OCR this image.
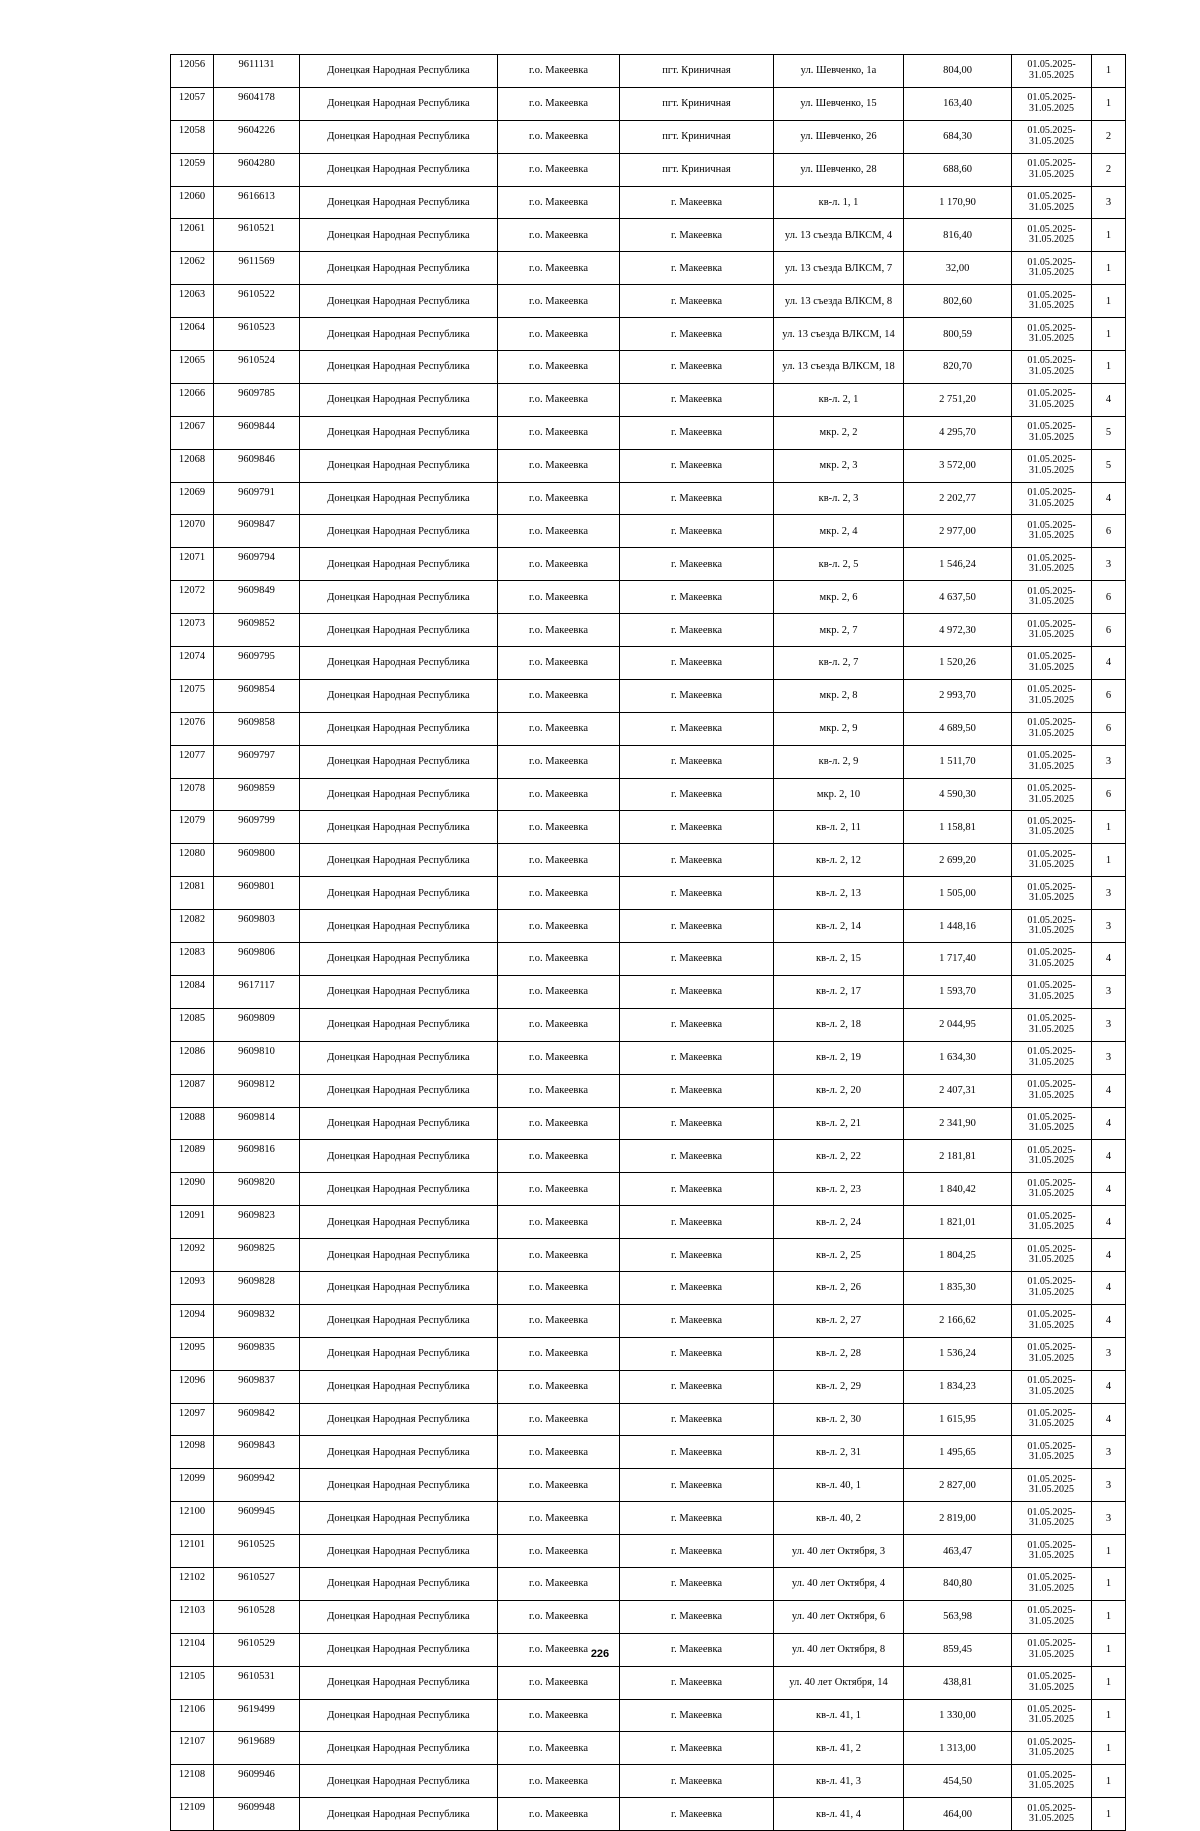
12056	9611131	Донецкая Народная Республика	г.о. Макеевка	пгт. Криничная	ул. Шевченко, 1а	804,00	01.05.2025-31.05.2025	1
12057	9604178	Донецкая Народная Республика	г.о. Макеевка	пгт. Криничная	ул. Шевченко, 15	163,40	01.05.2025-31.05.2025	1
12058	9604226	Донецкая Народная Республика	г.о. Макеевка	пгт. Криничная	ул. Шевченко, 26	684,30	01.05.2025-31.05.2025	2
12059	9604280	Донецкая Народная Республика	г.о. Макеевка	пгт. Криничная	ул. Шевченко, 28	688,60	01.05.2025-31.05.2025	2
12060	9616613	Донецкая Народная Республика	г.о. Макеевка	г. Макеевка	кв-л. 1, 1	1 170,90	01.05.2025-31.05.2025	3
12061	9610521	Донецкая Народная Республика	г.о. Макеевка	г. Макеевка	ул. 13 съезда ВЛКСМ, 4	816,40	01.05.2025-31.05.2025	1
12062	9611569	Донецкая Народная Республика	г.о. Макеевка	г. Макеевка	ул. 13 съезда ВЛКСМ, 7	32,00	01.05.2025-31.05.2025	1
12063	9610522	Донецкая Народная Республика	г.о. Макеевка	г. Макеевка	ул. 13 съезда ВЛКСМ, 8	802,60	01.05.2025-31.05.2025	1
12064	9610523	Донецкая Народная Республика	г.о. Макеевка	г. Макеевка	ул. 13 съезда ВЛКСМ, 14	800,59	01.05.2025-31.05.2025	1
12065	9610524	Донецкая Народная Республика	г.о. Макеевка	г. Макеевка	ул. 13 съезда ВЛКСМ, 18	820,70	01.05.2025-31.05.2025	1
12066	9609785	Донецкая Народная Республика	г.о. Макеевка	г. Макеевка	кв-л. 2, 1	2 751,20	01.05.2025-31.05.2025	4
12067	9609844	Донецкая Народная Республика	г.о. Макеевка	г. Макеевка	мкр. 2, 2	4 295,70	01.05.2025-31.05.2025	5
12068	9609846	Донецкая Народная Республика	г.о. Макеевка	г. Макеевка	мкр. 2, 3	3 572,00	01.05.2025-31.05.2025	5
12069	9609791	Донецкая Народная Республика	г.о. Макеевка	г. Макеевка	кв-л. 2, 3	2 202,77	01.05.2025-31.05.2025	4
12070	9609847	Донецкая Народная Республика	г.о. Макеевка	г. Макеевка	мкр. 2, 4	2 977,00	01.05.2025-31.05.2025	6
12071	9609794	Донецкая Народная Республика	г.о. Макеевка	г. Макеевка	кв-л. 2, 5	1 546,24	01.05.2025-31.05.2025	3
12072	9609849	Донецкая Народная Республика	г.о. Макеевка	г. Макеевка	мкр. 2, 6	4 637,50	01.05.2025-31.05.2025	6
12073	9609852	Донецкая Народная Республика	г.о. Макеевка	г. Макеевка	мкр. 2, 7	4 972,30	01.05.2025-31.05.2025	6
12074	9609795	Донецкая Народная Республика	г.о. Макеевка	г. Макеевка	кв-л. 2, 7	1 520,26	01.05.2025-31.05.2025	4
12075	9609854	Донецкая Народная Республика	г.о. Макеевка	г. Макеевка	мкр. 2, 8	2 993,70	01.05.2025-31.05.2025	6
12076	9609858	Донецкая Народная Республика	г.о. Макеевка	г. Макеевка	мкр. 2, 9	4 689,50	01.05.2025-31.05.2025	6
12077	9609797	Донецкая Народная Республика	г.о. Макеевка	г. Макеевка	кв-л. 2, 9	1 511,70	01.05.2025-31.05.2025	3
12078	9609859	Донецкая Народная Республика	г.о. Макеевка	г. Макеевка	мкр. 2, 10	4 590,30	01.05.2025-31.05.2025	6
12079	9609799	Донецкая Народная Республика	г.о. Макеевка	г. Макеевка	кв-л. 2, 11	1 158,81	01.05.2025-31.05.2025	1
12080	9609800	Донецкая Народная Республика	г.о. Макеевка	г. Макеевка	кв-л. 2, 12	2 699,20	01.05.2025-31.05.2025	1
12081	9609801	Донецкая Народная Республика	г.о. Макеевка	г. Макеевка	кв-л. 2, 13	1 505,00	01.05.2025-31.05.2025	3
12082	9609803	Донецкая Народная Республика	г.о. Макеевка	г. Макеевка	кв-л. 2, 14	1 448,16	01.05.2025-31.05.2025	3
12083	9609806	Донецкая Народная Республика	г.о. Макеевка	г. Макеевка	кв-л. 2, 15	1 717,40	01.05.2025-31.05.2025	4
12084	9617117	Донецкая Народная Республика	г.о. Макеевка	г. Макеевка	кв-л. 2, 17	1 593,70	01.05.2025-31.05.2025	3
12085	9609809	Донецкая Народная Республика	г.о. Макеевка	г. Макеевка	кв-л. 2, 18	2 044,95	01.05.2025-31.05.2025	3
12086	9609810	Донецкая Народная Республика	г.о. Макеевка	г. Макеевка	кв-л. 2, 19	1 634,30	01.05.2025-31.05.2025	3
12087	9609812	Донецкая Народная Республика	г.о. Макеевка	г. Макеевка	кв-л. 2, 20	2 407,31	01.05.2025-31.05.2025	4
12088	9609814	Донецкая Народная Республика	г.о. Макеевка	г. Макеевка	кв-л. 2, 21	2 341,90	01.05.2025-31.05.2025	4
12089	9609816	Донецкая Народная Республика	г.о. Макеевка	г. Макеевка	кв-л. 2, 22	2 181,81	01.05.2025-31.05.2025	4
12090	9609820	Донецкая Народная Республика	г.о. Макеевка	г. Макеевка	кв-л. 2, 23	1 840,42	01.05.2025-31.05.2025	4
12091	9609823	Донецкая Народная Республика	г.о. Макеевка	г. Макеевка	кв-л. 2, 24	1 821,01	01.05.2025-31.05.2025	4
12092	9609825	Донецкая Народная Республика	г.о. Макеевка	г. Макеевка	кв-л. 2, 25	1 804,25	01.05.2025-31.05.2025	4
12093	9609828	Донецкая Народная Республика	г.о. Макеевка	г. Макеевка	кв-л. 2, 26	1 835,30	01.05.2025-31.05.2025	4
12094	9609832	Донецкая Народная Республика	г.о. Макеевка	г. Макеевка	кв-л. 2, 27	2 166,62	01.05.2025-31.05.2025	4
12095	9609835	Донецкая Народная Республика	г.о. Макеевка	г. Макеевка	кв-л. 2, 28	1 536,24	01.05.2025-31.05.2025	3
12096	9609837	Донецкая Народная Республика	г.о. Макеевка	г. Макеевка	кв-л. 2, 29	1 834,23	01.05.2025-31.05.2025	4
12097	9609842	Донецкая Народная Республика	г.о. Макеевка	г. Макеевка	кв-л. 2, 30	1 615,95	01.05.2025-31.05.2025	4
12098	9609843	Донецкая Народная Республика	г.о. Макеевка	г. Макеевка	кв-л. 2, 31	1 495,65	01.05.2025-31.05.2025	3
12099	9609942	Донецкая Народная Республика	г.о. Макеевка	г. Макеевка	кв-л. 40, 1	2 827,00	01.05.2025-31.05.2025	3
12100	9609945	Донецкая Народная Республика	г.о. Макеевка	г. Макеевка	кв-л. 40, 2	2 819,00	01.05.2025-31.05.2025	3
12101	9610525	Донецкая Народная Республика	г.о. Макеевка	г. Макеевка	ул. 40 лет Октября, 3	463,47	01.05.2025-31.05.2025	1
12102	9610527	Донецкая Народная Республика	г.о. Макеевка	г. Макеевка	ул. 40 лет Октября, 4	840,80	01.05.2025-31.05.2025	1
12103	9610528	Донецкая Народная Республика	г.о. Макеевка	г. Макеевка	ул. 40 лет Октября, 6	563,98	01.05.2025-31.05.2025	1
12104	9610529	Донецкая Народная Республика	г.о. Макеевка	г. Макеевка	ул. 40 лет Октября, 8	859,45	01.05.2025-31.05.2025	1
12105	9610531	Донецкая Народная Республика	г.о. Макеевка	г. Макеевка	ул. 40 лет Октября, 14	438,81	01.05.2025-31.05.2025	1
12106	9619499	Донецкая Народная Республика	г.о. Макеевка	г. Макеевка	кв-л. 41, 1	1 330,00	01.05.2025-31.05.2025	1
12107	9619689	Донецкая Народная Республика	г.о. Макеевка	г. Макеевка	кв-л. 41, 2	1 313,00	01.05.2025-31.05.2025	1
12108	9609946	Донецкая Народная Республика	г.о. Макеевка	г. Макеевка	кв-л. 41, 3	454,50	01.05.2025-31.05.2025	1
12109	9609948	Донецкая Народная Республика	г.о. Макеевка	г. Макеевка	кв-л. 41, 4	464,00	01.05.2025-31.05.2025	1
226
